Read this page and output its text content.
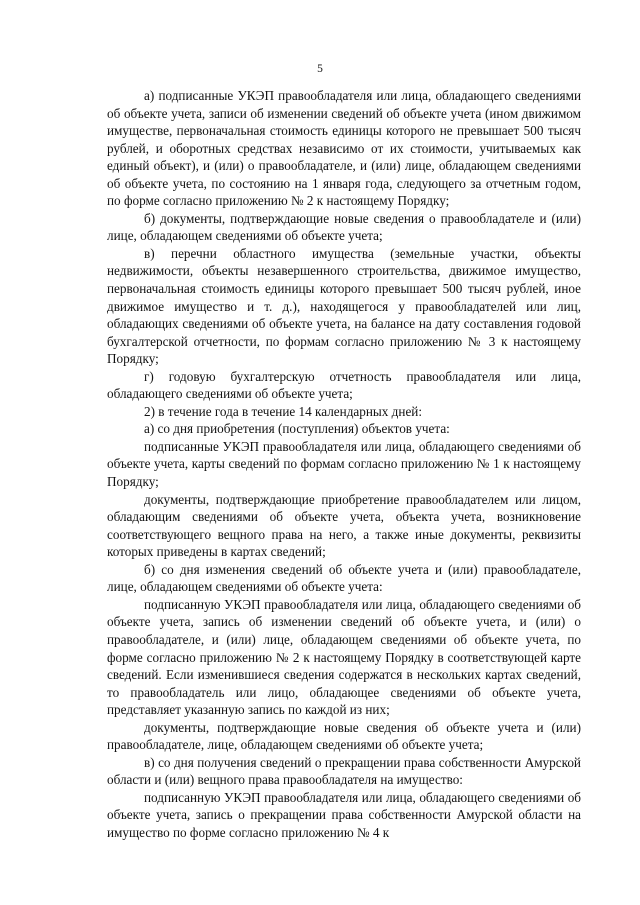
5

а) подписанные УКЭП правообладателя или лица, обладающего сведениями об объекте учета, записи об изменении сведений об объекте учета (ином движимом имуществе, первоначальная стоимость единицы которого не превышает 500 тысяч рублей, и оборотных средствах независимо от их стоимости, учитываемых как единый объект), и (или) о правообладателе, и (или) лице, обладающем сведениями об объекте учета, по состоянию на 1 января года, следующего за отчетным годом, по форме согласно приложению № 2 к настоящему Порядку;

б) документы, подтверждающие новые сведения о правообладателе и (или) лице, обладающем сведениями об объекте учета;

в) перечни областного имущества (земельные участки, объекты недвижимости, объекты незавершенного строительства, движимое имущество, первоначальная стоимость единицы которого превышает 500 тысяч рублей, иное движимое имущество и т. д.), находящегося у правообладателей или лиц, обладающих сведениями об объекте учета, на балансе на дату составления годовой бухгалтерской отчетности, по формам согласно приложению № 3 к настоящему Порядку;

г) годовую бухгалтерскую отчетность правообладателя или лица, обладающего сведениями об объекте учета;

2) в течение года в течение 14 календарных дней:

а) со дня приобретения (поступления) объектов учета:

подписанные УКЭП правообладателя или лица, обладающего сведениями об объекте учета, карты сведений по формам согласно приложению № 1 к настоящему Порядку;

документы, подтверждающие приобретение правообладателем или лицом, обладающим сведениями об объекте учета, объекта учета, возникновение соответствующего вещного права на него, а также иные документы, реквизиты которых приведены в картах сведений;

б) со дня изменения сведений об объекте учета и (или) правообладателе, лице, обладающем сведениями об объекте учета:

подписанную УКЭП правообладателя или лица, обладающего сведениями об объекте учета, запись об изменении сведений об объекте учета, и (или) о правообладателе, и (или) лице, обладающем сведениями об объекте учета, по форме согласно приложению № 2 к настоящему Порядку в соответствующей карте сведений. Если изменившиеся сведения содержатся в нескольких картах сведений, то правообладатель или лицо, обладающее сведениями об объекте учета, представляет указанную запись по каждой из них;

документы, подтверждающие новые сведения об объекте учета и (или) правообладателе, лице, обладающем сведениями об объекте учета;

в) со дня получения сведений о прекращении права собственности Амурской области и (или) вещного права правообладателя на имущество:

подписанную УКЭП правообладателя или лица, обладающего сведениями об объекте учета, запись о прекращении права собственности Амурской области на имущество по форме согласно приложению № 4 к
